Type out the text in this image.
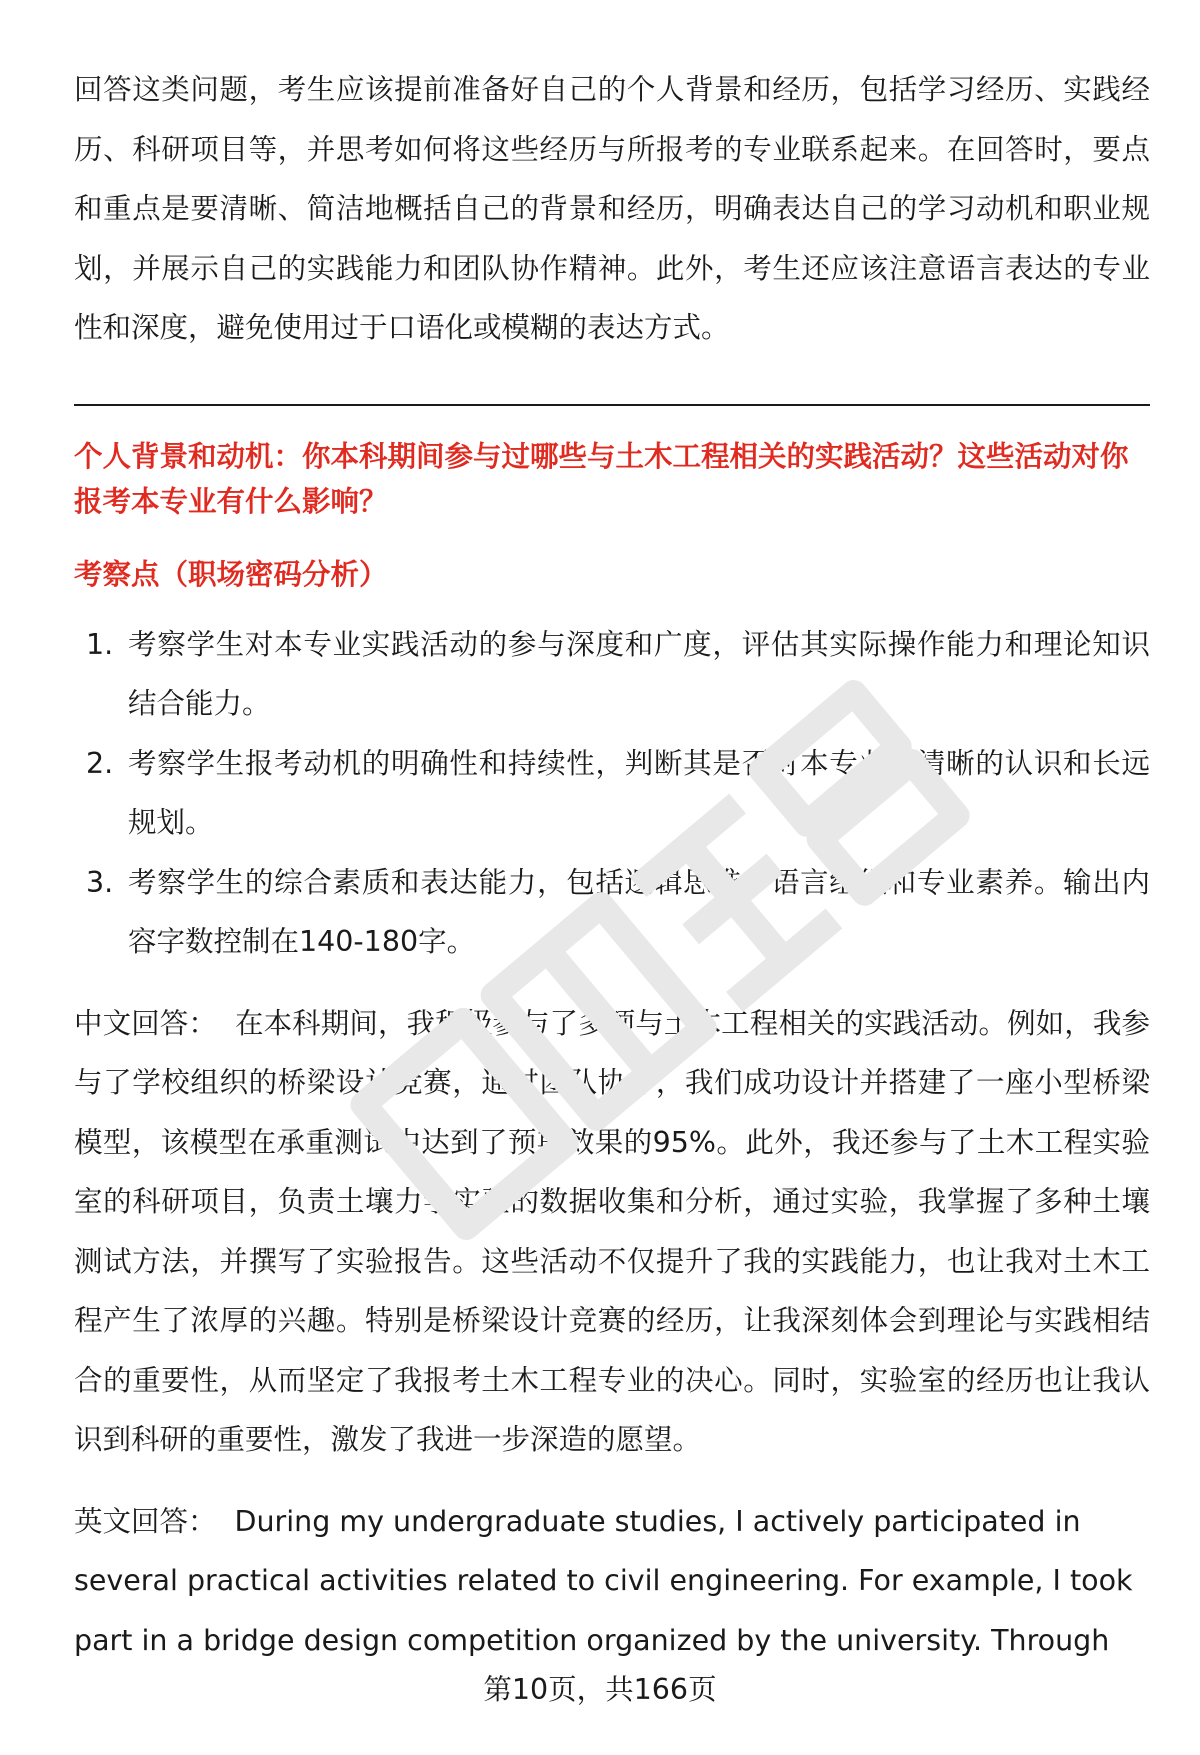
回答这类问题，考生应该提前准备好自己的个人背景和经历，包括学习经历、实践经历、科研项目等，并思考如何将这些经历与所报考的专业联系起来。在回答时，要点和重点是要清晰、简洁地概括自己的背景和经历，明确表达自己的学习动机和职业规划，并展示自己的实践能力和团队协作精神。此外，考生还应该注意语言表达的专业性和深度，避免使用过于口语化或模糊的表达方式。

个人背景和动机：你本科期间参与过哪些与土木工程相关的实践活动？这些活动对你报考本专业有什么影响？

考察点（职场密码分析）

1. 考察学生对本专业实践活动的参与深度和广度，评估其实际操作能力和理论知识结合能力。
2. 考察学生报考动机的明确性和持续性，判断其是否对本专业有清晰的认识和长远规划。
3. 考察学生的综合素质和表达能力，包括逻辑思维、语言组织和专业素养。输出内容字数控制在140-180字。

中文回答： 在本科期间，我积极参与了多项与土木工程相关的实践活动。例如，我参与了学校组织的桥梁设计竞赛，通过团队协作，我们成功设计并搭建了一座小型桥梁模型，该模型在承重测试中达到了预期效果的95%。此外，我还参与了土木工程实验室的科研项目，负责土壤力学实验的数据收集和分析，通过实验，我掌握了多种土壤测试方法，并撰写了实验报告。这些活动不仅提升了我的实践能力，也让我对土木工程产生了浓厚的兴趣。特别是桥梁设计竞赛的经历，让我深刻体会到理论与实践相结合的重要性，从而坚定了我报考土木工程专业的决心。同时，实验室的经历也让我认识到科研的重要性，激发了我进一步深造的愿望。

英文回答： During my undergraduate studies, I actively participated in several practical activities related to civil engineering. For example, I took part in a bridge design competition organized by the university. Through

第10页，共166页
